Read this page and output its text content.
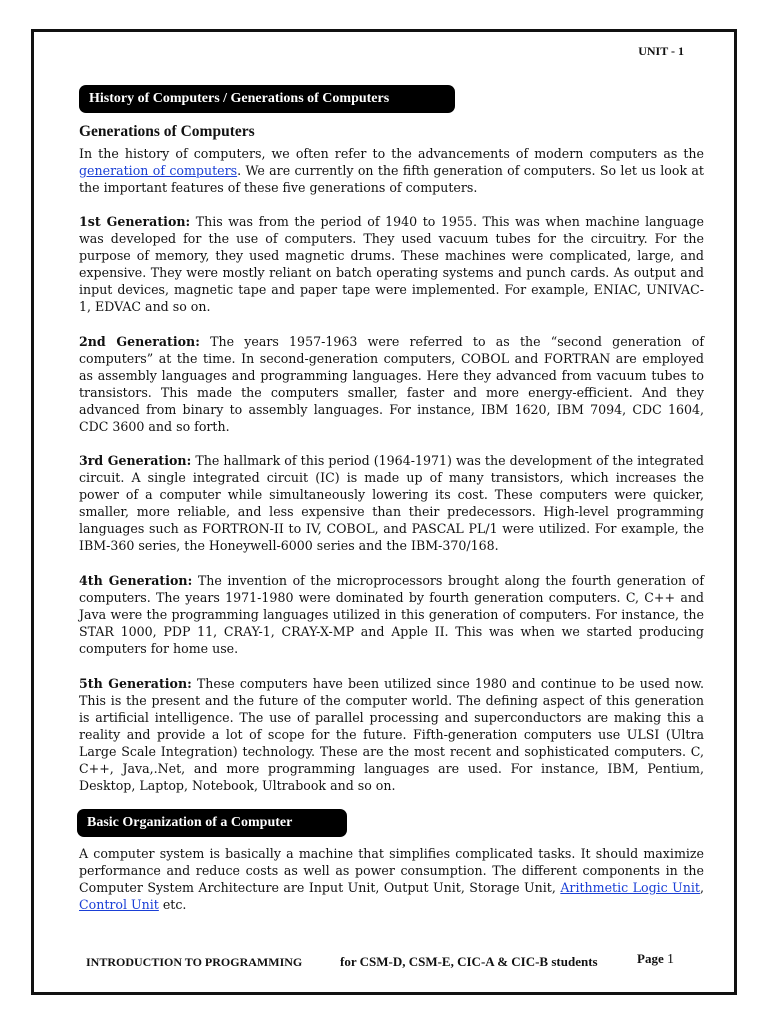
UNIT - 1
History of Computers / Generations of Computers
Generations of Computers

In the history of computers, we often refer to the advancements of modern computers as the generation of computers. We are currently on the fifth generation of computers. So let us look at the important features of these five generations of computers.

1st Generation: This was from the period of 1940 to 1955. This was when machine language was developed for the use of computers. They used vacuum tubes for the circuitry. For the purpose of memory, they used magnetic drums. These machines were complicated, large, and expensive. They were mostly reliant on batch operating systems and punch cards. As output and input devices, magnetic tape and paper tape were implemented. For example, ENIAC, UNIVAC-1, EDVAC and so on.

2nd Generation: The years 1957-1963 were referred to as the “second generation of computers” at the time. In second-generation computers, COBOL and FORTRAN are employed as assembly languages and programming languages. Here they advanced from vacuum tubes to transistors. This made the computers smaller, faster and more energy-efficient. And they advanced from binary to assembly languages. For instance, IBM 1620, IBM 7094, CDC 1604, CDC 3600 and so forth.

3rd Generation: The hallmark of this period (1964-1971) was the development of the integrated circuit. A single integrated circuit (IC) is made up of many transistors, which increases the power of a computer while simultaneously lowering its cost. These computers were quicker, smaller, more reliable, and less expensive than their predecessors. High-level programming languages such as FORTRON-II to IV, COBOL, and PASCAL PL/1 were utilized. For example, the IBM-360 series, the Honeywell-6000 series and the IBM-370/168.

4th Generation: The invention of the microprocessors brought along the fourth generation of computers. The years 1971-1980 were dominated by fourth generation computers. C, C++ and Java were the programming languages utilized in this generation of computers. For instance, the STAR 1000, PDP 11, CRAY-1, CRAY-X-MP and Apple II. This was when we started producing computers for home use.

5th Generation: These computers have been utilized since 1980 and continue to be used now. This is the present and the future of the computer world. The defining aspect of this generation is artificial intelligence. The use of parallel processing and superconductors are making this a reality and provide a lot of scope for the future. Fifth-generation computers use ULSI (Ultra Large Scale Integration) technology. These are the most recent and sophisticated computers. C, C++, Java,.Net, and more programming languages are used. For instance, IBM, Pentium, Desktop, Laptop, Notebook, Ultrabook and so on.

Basic Organization of a Computer

A computer system is basically a machine that simplifies complicated tasks. It should maximize performance and reduce costs as well as power consumption. The different components in the Computer System Architecture are Input Unit, Output Unit, Storage Unit, Arithmetic Logic Unit, Control Unit etc.

INTRODUCTION TO PROGRAMMING	for CSM-D, CSM-E, CIC-A & CIC-B students	Page 1
